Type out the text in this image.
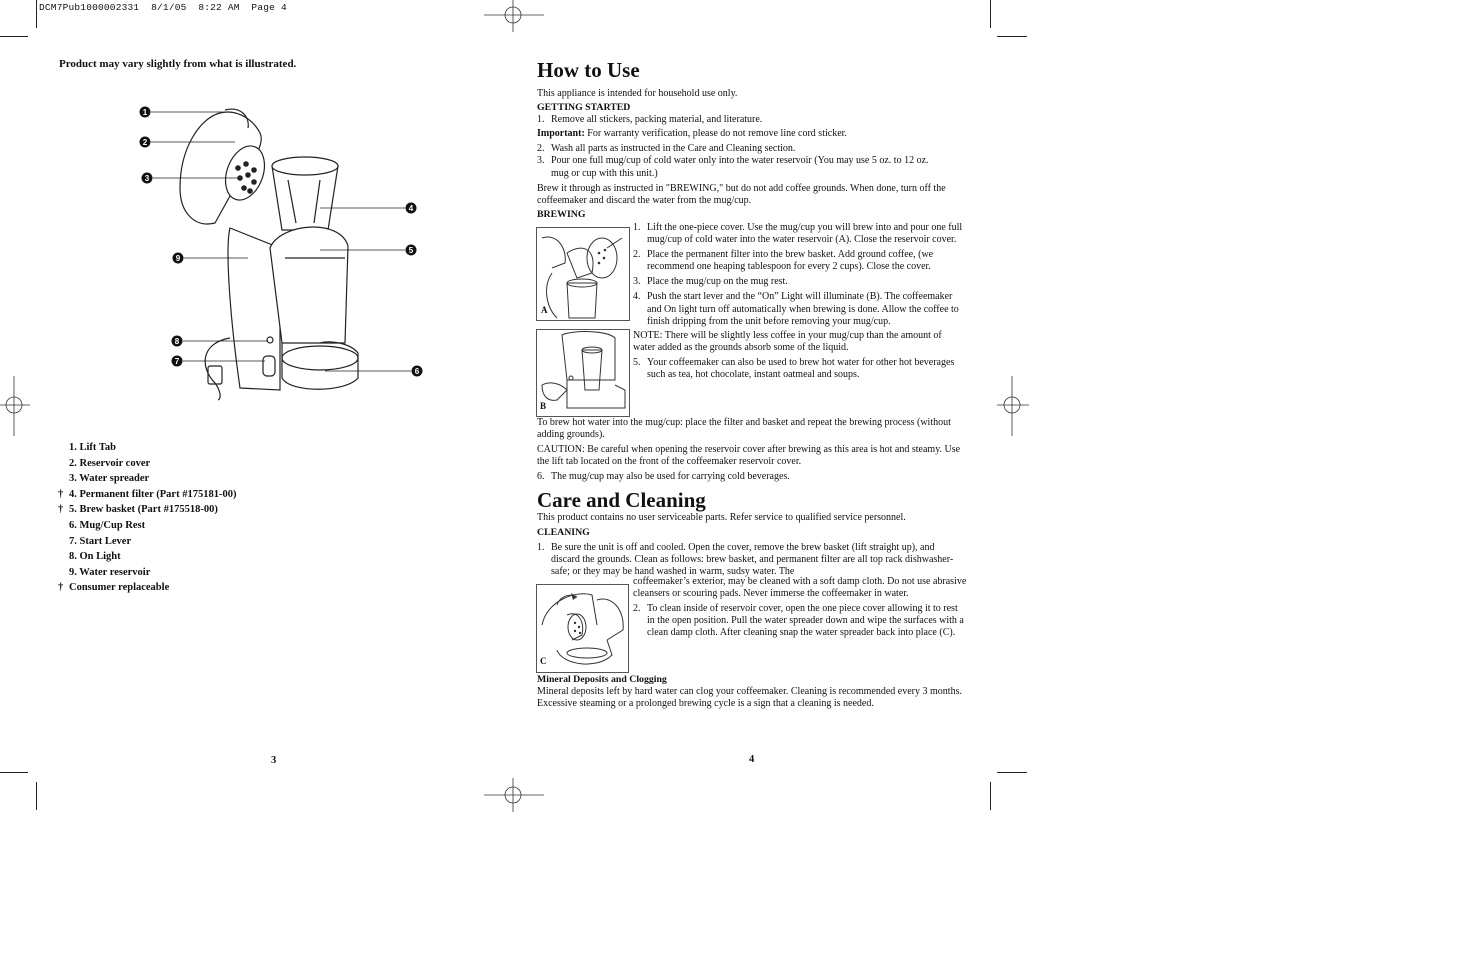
DCM7Pub1000002331  8/1/05  8:22 AM  Page 4
Product may vary slightly from what is illustrated.
1
2
3
4
5
6
7
8
9
1. Lift Tab
2. Reservoir cover
3. Water spreader
† 4. Permanent filter (Part #175181-00)
† 5. Brew basket (Part #175518-00)
6. Mug/Cup Rest
7. Start Lever
8. On Light
9. Water reservoir
† Consumer replaceable
3
How to Use

This appliance is intended for household use only.

GETTING STARTED
1. Remove all stickers, packing material, and literature.

Important: For warranty verification, please do not remove line cord sticker.

2. Wash all parts as instructed in the Care and Cleaning section.
3. Pour one full mug/cup of cold water only into the water reservoir (You may use 5 oz. to 12 oz. mug or cup with this unit.)

Brew it through as instructed in "BREWING," but do not add coffee grounds. When done, turn off the coffeemaker and discard the water from the mug/cup.

BREWING
A
B
1. Lift the one-piece cover. Use the mug/cup you will brew into and pour one full mug/cup of cold water into the water reservoir (A). Close the reservoir cover.
2. Place the permanent filter into the brew basket. Add ground coffee, (we recommend one heaping tablespoon for every 2 cups). Close the cover.
3. Place the mug/cup on the mug rest.
4. Push the start lever and the “On” Light will illuminate (B). The coffeemaker and On light turn off automatically when brewing is done. Allow the coffee to finish dripping from the unit before removing your mug/cup.

NOTE: There will be slightly less coffee in your mug/cup than the amount of water added as the grounds absorb some of the liquid.

5. Your coffeemaker can also be used to brew hot water for other hot beverages such as tea, hot chocolate, instant oatmeal and soups.

To brew hot water into the mug/cup: place the filter and basket and repeat the brewing process (without adding grounds).

CAUTION: Be careful when opening the reservoir cover after brewing as this area is hot and steamy. Use the lift tab located on the front of the coffeemaker reservoir cover.

6. The mug/cup may also be used for carrying cold beverages.
Care and Cleaning

This product contains no user serviceable parts. Refer service to qualified service personnel.

CLEANING
1. Be sure the unit is off and cooled. Open the cover, remove the brew basket (lift straight up), and discard the grounds. Clean as follows: brew basket, and permanent filter are all top rack dishwasher-safe; or they may be hand washed in warm, sudsy water. The
C

coffeemaker’s exterior, may be cleaned with a soft damp cloth. Do not use abrasive cleansers or scouring pads. Never immerse the coffeemaker in water.

2. To clean inside of reservoir cover, open the one piece cover allowing it to rest in the open position. Pull the water spreader down and wipe the surfaces with a clean damp cloth. After cleaning snap the water spreader back into place (C).
Mineral Deposits and Clogging

Mineral deposits left by hard water can clog your coffeemaker. Cleaning is recommended every 3 months. Excessive steaming or a prolonged brewing cycle is a sign that a cleaning is needed.

4
